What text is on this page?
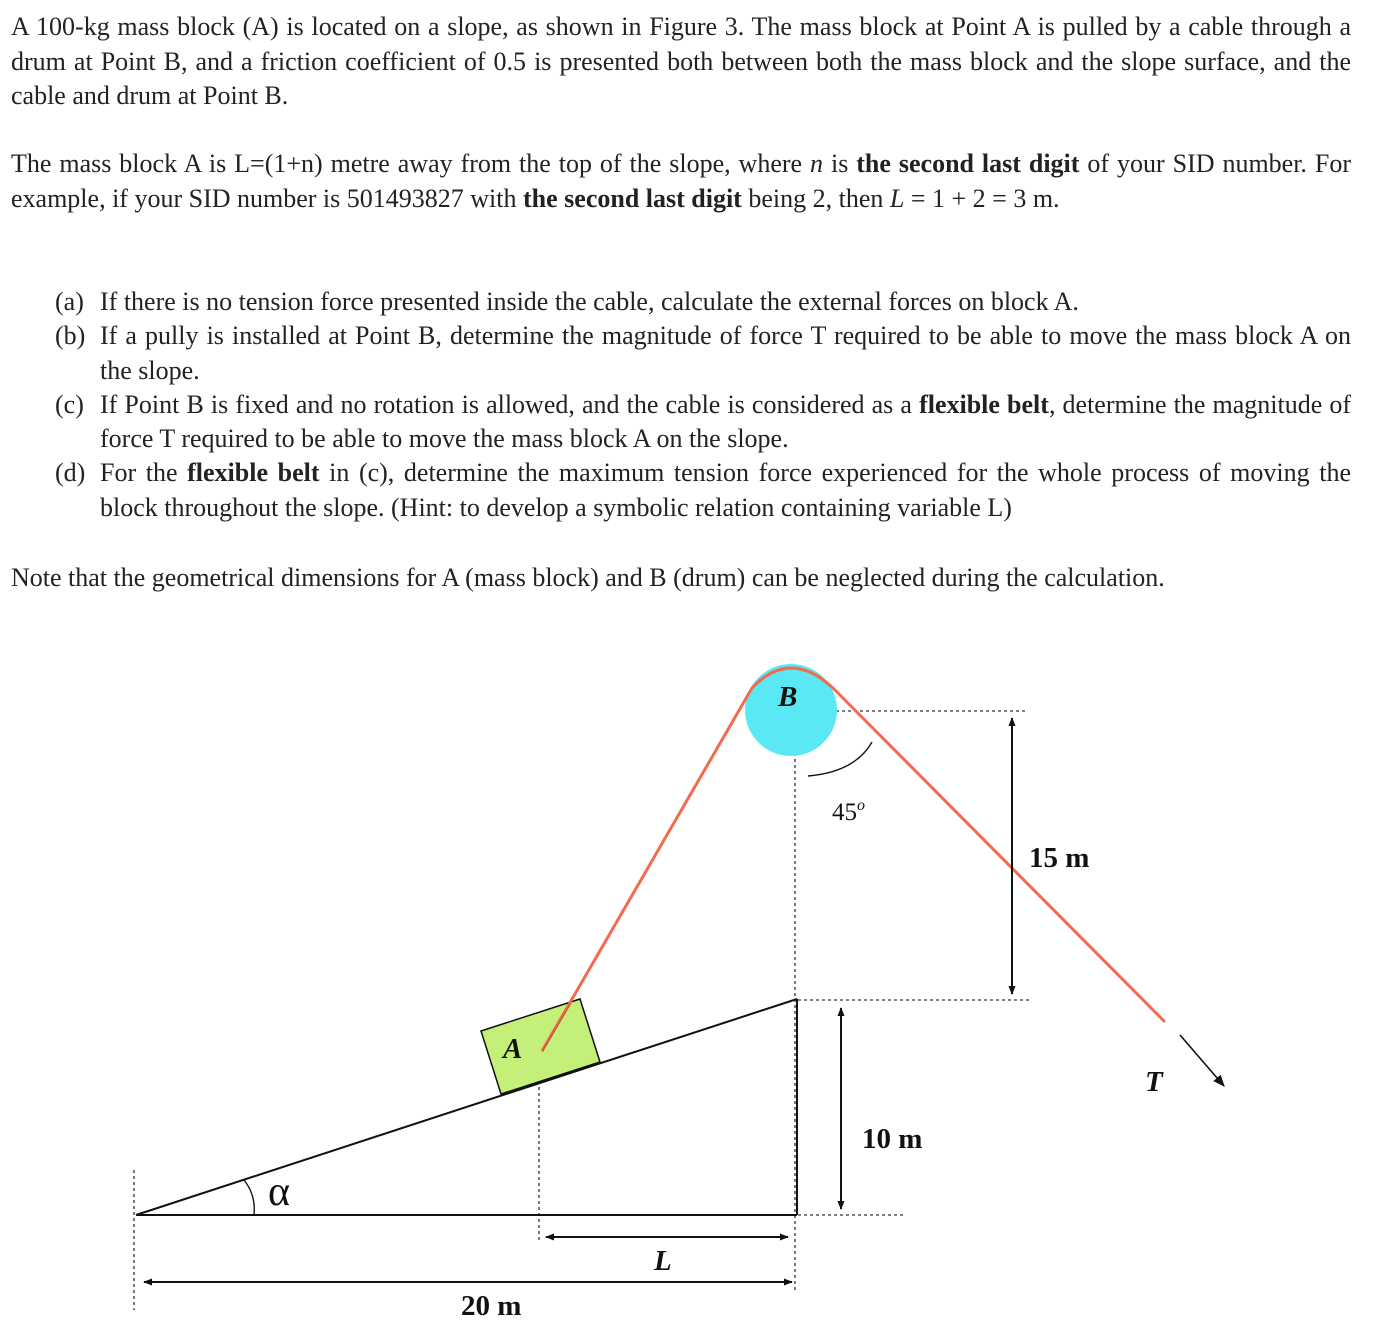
A 100-kg mass block (A) is located on a slope, as shown in Figure 3. The mass block at Point A is pulled by a cable through a drum at Point B, and a friction coefficient of 0.5 is presented both between both the mass block and the slope surface, and the cable and drum at Point B.

The mass block A is L=(1+n) metre away from the top of the slope, where n is the second last digit of your SID number. For example, if your SID number is 501493827 with the second last digit being 2, then L = 1 + 2 = 3 m.

(a) If there is no tension force presented inside the cable, calculate the external forces on block A.
(b) If a pully is installed at Point B, determine the magnitude of force T required to be able to move the mass block A on the slope.
(c) If Point B is fixed and no rotation is allowed, and the cable is considered as a flexible belt, determine the magnitude of force T required to be able to move the mass block A on the slope.
(d) For the flexible belt in (c), determine the maximum tension force experienced for the whole process of moving the block throughout the slope. (Hint: to develop a symbolic relation containing variable L)

Note that the geometrical dimensions for A (mass block) and B (drum) can be neglected during the calculation.

B
A
45$^o$
15 m
10 m
L
20 m
T
α
